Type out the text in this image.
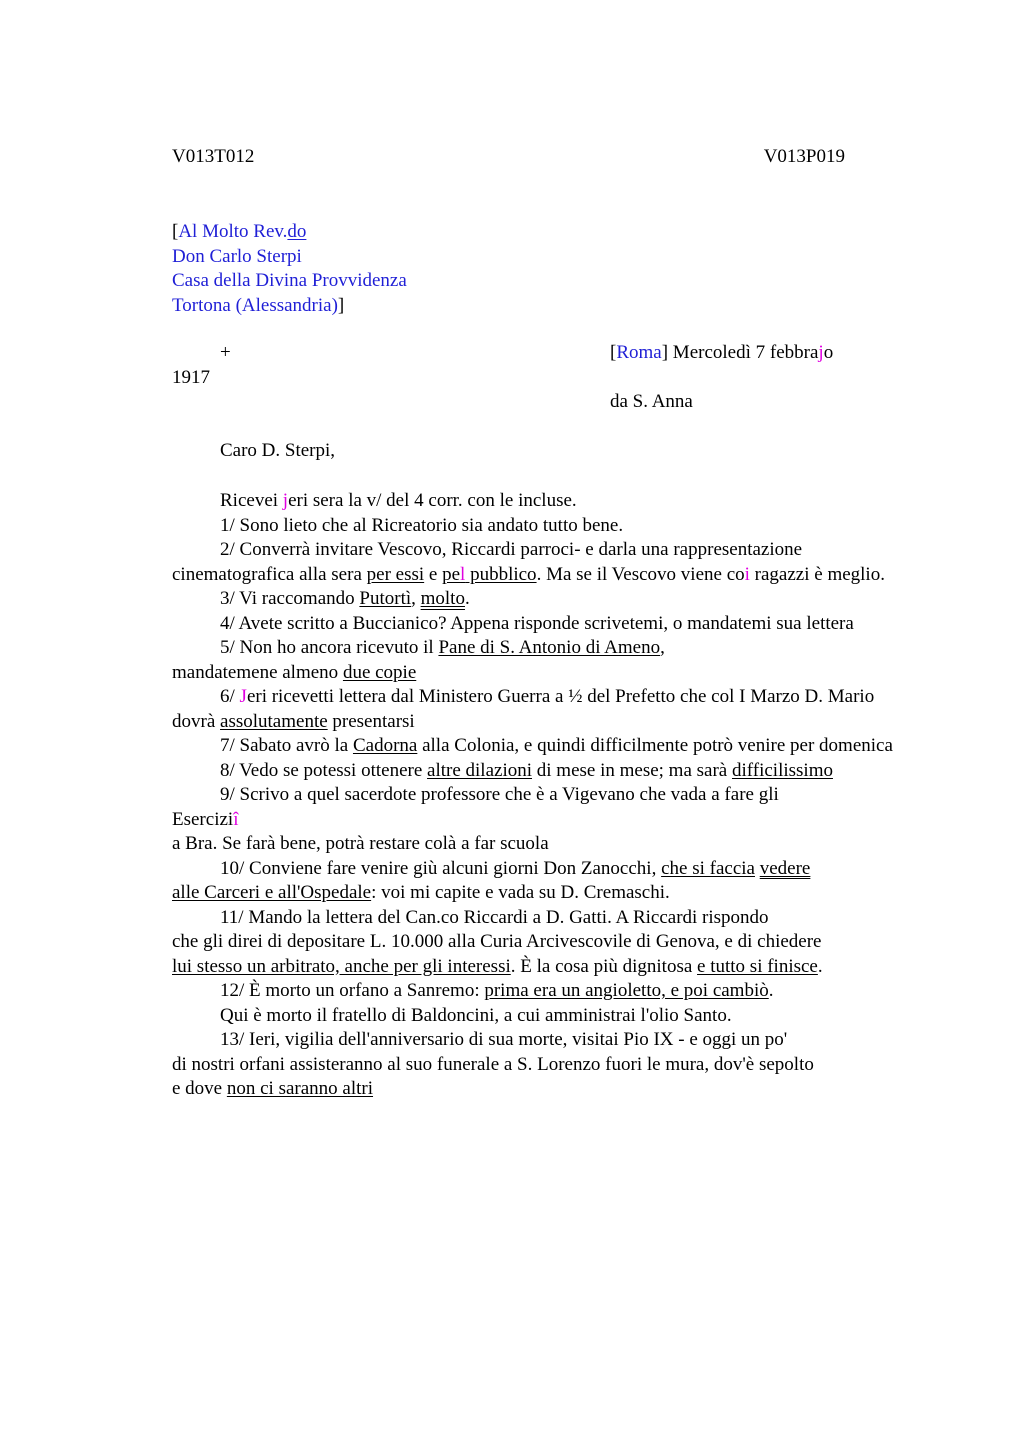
V013T012	V013P019
[Al Molto Rev.do
Don Carlo Sterpi
Casa della Divina Provvidenza
Tortona (Alessandria)]
+	[Roma] Mercoledì 7 febbrajo
1917
da S. Anna
Caro D. Sterpi,

Ricevei jeri sera la v/ del 4 corr. con le incluse.

1/ Sono lieto che al Ricreatorio sia andato tutto bene.

2/ Converrà invitare Vescovo, Riccardi parroci- e darla una rappresentazione cinematografica alla sera per essi e pel pubblico. Ma se il Vescovo viene coi ragazzi è meglio.

3/ Vi raccomando Putortì, molto.

4/ Avete scritto a Buccianico? Appena risponde scrivetemi, o mandatemi sua lettera

5/ Non ho ancora ricevuto il Pane di S. Antonio di Ameno,

mandatemene almeno due copie

6/ Jeri ricevetti lettera dal Ministero Guerra a ½ del Prefetto che col I Marzo D. Mario dovrà assolutamente presentarsi

7/ Sabato avrò la Cadorna alla Colonia, e quindi difficilmente potrò venire per domenica

8/ Vedo se potessi ottenere altre dilazioni di mese in mese; ma sarà difficilissimo

9/ Scrivo a quel sacerdote professore che è a Vigevano che vada a fare gli

Eserciziî

a Bra. Se farà bene, potrà restare colà a far scuola

10/ Conviene fare venire giù alcuni giorni Don Zanocchi, che si faccia vedere

alle Carceri e all'Ospedale: voi mi capite e vada su D. Cremaschi.

11/ Mando la lettera del Can.co Riccardi a D. Gatti. A Riccardi rispondo

che gli direi di depositare L. 10.000 alla Curia Arcivescovile di Genova, e di chiedere

lui stesso un arbitrato, anche per gli interessi. È la cosa più dignitosa e tutto si finisce.

12/ È morto un orfano a Sanremo: prima era un angioletto, e poi cambiò.

Qui è morto il fratello di Baldoncini, a cui amministrai l'olio Santo.

13/ Ieri, vigilia dell'anniversario di sua morte, visitai Pio IX - e oggi un po'

di nostri orfani assisteranno al suo funerale a S. Lorenzo fuori le mura, dov'è sepolto

e dove non ci saranno altri
